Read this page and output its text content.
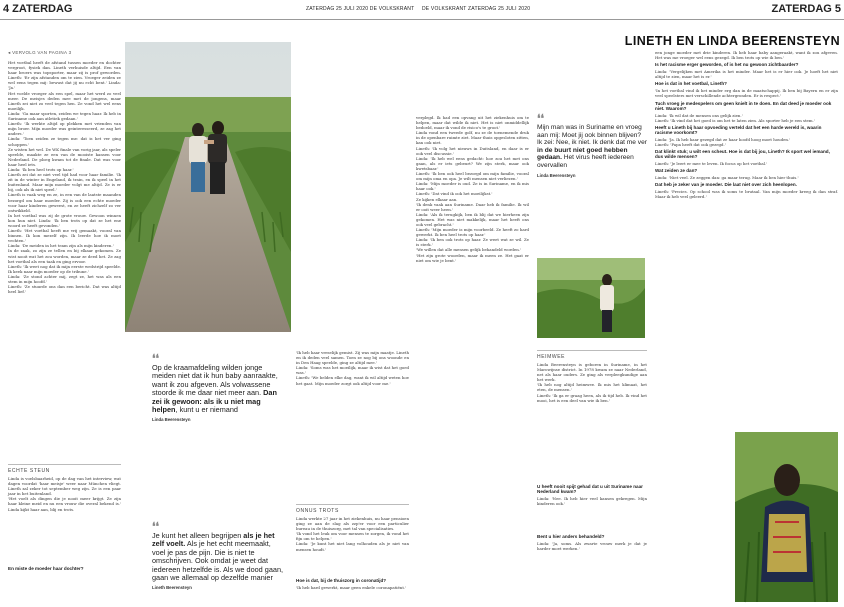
4 ZATERDAG	ZATERDAG 25 JULI 2020 DE VOLKSKRANT DE VOLKSKRANT ZATERDAG 25 JULI 2020	ZATERDAG 5
LINETH EN LINDA BEERENSTEYN
◂ VERVOLG VAN PAGINA 3
Het voetbal heeft de afstand tussen moeder en dochter vergroot, fysiek dan. Lineth verhuisde altijd. Een van haar broers was topsporter, maar zij is prof geworden. Lineth: 'Er zijn afstanden om te zien. Vroeger zeiden ze wel eens tegen mij: bewust dat jij nu echt bent.' Linda: 'Ja.'
Het voelde vroeger als een spel, maar het werd zo veel meer. De meisjes deden mee met de jongens, maar Lineth zei niet zo veel tegen hen. Ze vond het wel eens moeilijk.
Linda: 'Ga maar sporten, zeiden we tegen haar. Ik heb in Suriname ook aan atletiek gedaan.'
Lineth: 'Ik werkte altijd op plekken met vrienden van mijn broer. Mijn moeder was geinteresseerd, ze zag het anders.'
Linda: 'Toen zeiden ze tegen me: dat is het ver ging schoppen.'
Ze wisten het wel. De WK finale van vorig jaar, als speler speelde, maakte ze een van de mooiste kansen voor Nederland. De ploeg kwam tot de finale. Dat was voor haar heel iets.
Linda: 'Ik ben heel trots op haar.'
Lineth zei dat ze niet veel tijd had voor haar familie. 'Ik zit in de winter in Engeland, ik train, en ik speel in het buitenland. Maar mijn moeder volgt me altijd. Ze is er bij, ook als ik niet speel.'
Lineth is vaak weg en ze, in een van de laatste maanden bezorgd om haar moeder. Zij is ook een echte moeder voor haar kinderen geweest, en ze heeft zichzelf zo ver ontwikkeld.
In het voetbal was zij de grote vrouw. Gewoon winnen kon hun niet. Linda: 'Ik ben trots op dat ze het ene woord ze heeft gevonden.'
Lineth: 'Het voetbal heeft me vrij gemaakt, vooral van binnen. Ik kon mezelf zijn. Ik leerde hoe ik moet vechten.'
Linda: 'De meiden in het team zijn als mijn kinderen.'
In de zaak, zo zijn ze tellen en bij elkaar gekomen. Ze wist nooit wat het zou worden, maar ze deed het. Ze zag het voetbal als een taak en ging ervoor.
Lineth: 'Ik weet nog dat ik mijn eerste wedstrijd speelde. Ik keek naar mijn moeder op de tribune.'
Linda: 'Ze stond achter mij, zegt ze, het was als een stem in mijn hoofd.'
Lineth: 'Ze stuurde ons dan een bericht. Dat was altijd heel lief.'
ECHTE STEUN
Linda is voelsbaarheid, op de dag van het interview, wat dagen voordat 'haar meisje' weer naar München vliegt. Lineth zal zeker tot september weg zijn. Ze is een paar jaar in het buitenland.
'Het voelt als dingen die je nooit meer krijgt. Ze zijn haar kleine meid en nu een vrouw die overal bekend is.' Linda kijkt haar aan, blij en trots.
En miste de moeder haar dochter?
❛❛
Op de kraamafdeling wilden jonge meiden niet dat ik hun baby aanraakte, want ik zou afgeven. Als volwassene stoorde ik me daar niet meer aan. Dan zei ik gewoon: als ik u niet mag helpen, kunt u er niemand
Linda Beerensteyn
❛❛
Je kunt het alleen begrijpen als je het zelf voelt. Als je het echt meemaakt, voel je pas de pijn. Die is niet te omschrijven. Ook omdat je weet dat iedereen hetzelfde is. Als we dood gaan, gaan we allemaal op dezelfde manier
Lineth Beerensteyn
'Ik heb haar vreselijk gemist. Zij was mijn maatje. Lineth en ik deden veel samen. Toen ze nog bij ons woonde en in Den Haag speelde, ging ze altijd mee.'
Linda: 'Soms was het moeilijk, maar ik wist dat het goed was.'
Lineth: 'We belden elke dag, want ik wil altijd weten hoe het gaat. Mijn moeder zorgt ook altijd voor me.'
ONNUS TROTS
Linda werkte 27 jaar in het ziekenhuis, nu haar pensioen ging ze aan de slag als zzp'er voor een particulier bureau in de thuiszorg, met tal van specialisaties.
'Ik vond het leuk om voor mensen te zorgen, ik vond het fijn om te helpen.'
Linda: 'Je kunt het niet lang volhouden als je niet van mensen houdt.'
Hoe is dat, bij de thuiszorg in coronatijd?
'Ik heb hard gewerkt, maar geen enkele coronapatiënt.'
verplegd. Ik had een opvang uit het ziekenhuis om te helpen, maar dat wilde ik niet. Het is niet onmiddellijk bedoeld, maar ik vond de risico's te groot.'
Linda vond een tweede golf, nu ze de toenemende druk in de openbare ruimte ziet. Maar thuis opgesloten zitten, kan ook niet.
Lineth: 'Ik volg het nieuws in Duitsland, en daar is er ook veel discussie.'
Linda: 'Ik heb wel eens gedacht: hoe zou het met ons gaan, als er iets gebeurt? We zijn sterk, maar ook kwetsbaar.'
Lineth: 'Ik ben ook heel bezorgd om mijn familie, vooral om mijn oma en opa. Je wilt mensen niet verliezen.'
Linda: 'Mijn moeder is oud. Ze is in Suriname, en ik mis haar ook.'
Lineth: 'Dat vind ik ook het moeilijkst.'
Ze kijken elkaar aan.
'Ik denk vaak aan Suriname. Daar heb ik familie. Ik wil er ooit weer heen.'
Linda: 'Als ik terugkijk, ben ik blij dat we hierheen zijn gekomen. Het was niet makkelijk, maar het heeft ons ook veel gebracht.'
Lineth: 'Mijn moeder is mijn voorbeeld. Ze heeft zo hard gewerkt. Ik ben heel trots op haar.'
Linda: 'Ik ben ook trots op haar. Ze weet wat ze wil. Ze is sterk.'
'We willen dat alle mensen gelijk behandeld worden.'
'Het zijn grote woorden, maar ik meen ze. Het gaat er niet om wie je bent.'
❛❛
Mijn man was in Suriname en vroeg aan mij: Moet jij ook binnen blijven? Ik zei: Nee, ik niet. Ik denk dat me ver in de buurt niet goed hebben gedaan. Het virus heeft iedereen overvallen
Linda Beerensteyn
HEIMWEE
Linda Beerensteyn is geboren in Suriname, in het Marowijnse district. In 1978 kwam ze naar Nederland, net als haar ouders. Ze ging als verpleegkundige aan het werk.
'Ik heb nog altijd heimwee. Ik mis het klimaat, het eten, de mensen.'
Lineth: 'Ik ga er graag heen, als ik tijd heb. Ik vind het mooi, het is een deel van wie ik ben.'
U heeft nooit spijt gehad dat u uit Suriname naar Nederland kwam?
Linda: 'Nee. Ik heb hier veel kansen gekregen. Mijn kinderen ook.'
Bent u hier anders behandeld?
Linda: 'Ja, soms. Als zwarte vrouw merk je dat je harder moet werken.'
een jonge moeder met drie kinderen. Ik heb haar baby aangeraakt, want ik zou afgeven. Het was me vroeger wel eens gezegd. Ik ben trots op wie ik ben.'
Is het racisme erger geworden, of is het nu gewoon zichtbaarder?
Linda: 'Vergelijken met Amerika is het minder. Maar het is er hier ook. Je hoeft het niet altijd te zien, maar het is er.'
Hoe is dat in het voetbal, Lineth?
'In het voetbal vind ik het minder erg dan in de maatschappij. Ik ben bij Bayern en er zijn veel speelsters met verschillende achtergronden. Er is respect.'
Tuch vroeg je medespelers om geen knielt in te doen. En dat deed je moeder ook niet. Waarom?
Linda: 'Ik wil dat de mensen ons gelijk zien.'
Lineth: 'Ik vind dat het goed is om het te laten zien. Als sporter heb je een stem.'
Heeft u Lineth bij haar opvoeding verteld dat het een harde wereld is, waarin racisme voorkomt?
Linda: 'Ja. Ik heb haar gezegd dat ze haar hoofd hoog moet houden.'
Lineth: 'Papa heeft dat ook gezegd.'
Dat klinkt stuk; u wilt een scheut. Hoe is dat bij jou, Lineth? Ik sport wel iemand, dus wilde mensen?
Lineth: 'Je leert er mee te leven. Ik focus op het voetbal.'
Wat zeiden ze dan?
Linda: 'Niet veel. Ze zeggen dan: ga maar terug. Maar ik ben hier thuis.'
Dat heb je zeker van je moeder. Die laat niet over zich heenlopen.
Lineth: 'Precies. Op school was ik soms te brutaal. Van mijn moeder kreeg ik dan straf. Maar ik heb veel geleerd.'
